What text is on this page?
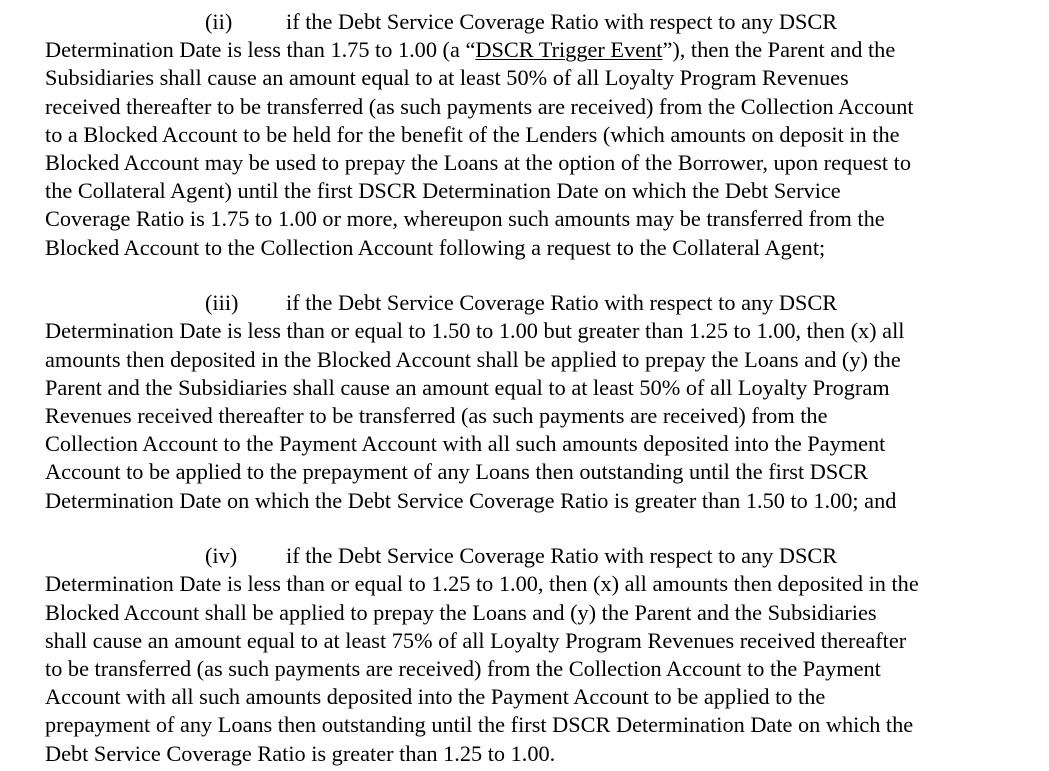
(ii) if the Debt Service Coverage Ratio with respect to any DSCR
Determination Date is less than 1.75 to 1.00 (a “DSCR Trigger Event”), then the Parent and the
Subsidiaries shall cause an amount equal to at least 50% of all Loyalty Program Revenues
received thereafter to be transferred (as such payments are received) from the Collection Account
to a Blocked Account to be held for the benefit of the Lenders (which amounts on deposit in the
Blocked Account may be used to prepay the Loans at the option of the Borrower, upon request to
the Collateral Agent) until the first DSCR Determination Date on which the Debt Service
Coverage Ratio is 1.75 to 1.00 or more, whereupon such amounts may be transferred from the
Blocked Account to the Collection Account following a request to the Collateral Agent;
(iii) if the Debt Service Coverage Ratio with respect to any DSCR
Determination Date is less than or equal to 1.50 to 1.00 but greater than 1.25 to 1.00, then (x) all
amounts then deposited in the Blocked Account shall be applied to prepay the Loans and (y) the
Parent and the Subsidiaries shall cause an amount equal to at least 50% of all Loyalty Program
Revenues received thereafter to be transferred (as such payments are received) from the
Collection Account to the Payment Account with all such amounts deposited into the Payment
Account to be applied to the prepayment of any Loans then outstanding until the first DSCR
Determination Date on which the Debt Service Coverage Ratio is greater than 1.50 to 1.00; and
(iv) if the Debt Service Coverage Ratio with respect to any DSCR
Determination Date is less than or equal to 1.25 to 1.00, then (x) all amounts then deposited in the
Blocked Account shall be applied to prepay the Loans and (y) the Parent and the Subsidiaries
shall cause an amount equal to at least 75% of all Loyalty Program Revenues received thereafter
to be transferred (as such payments are received) from the Collection Account to the Payment
Account with all such amounts deposited into the Payment Account to be applied to the
prepayment of any Loans then outstanding until the first DSCR Determination Date on which the
Debt Service Coverage Ratio is greater than 1.25 to 1.00.
